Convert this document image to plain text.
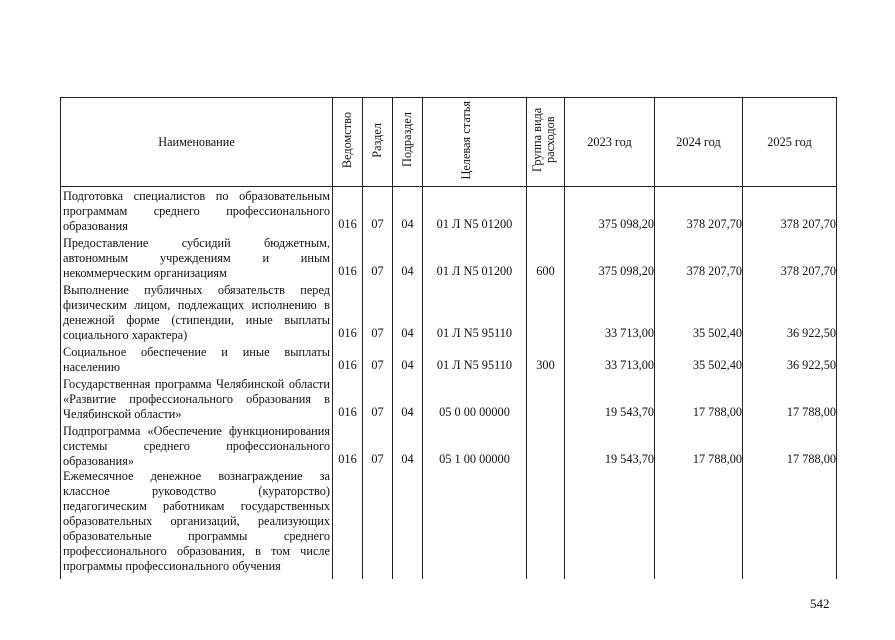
Наименование	Ведомство	Раздел	Подраздел	Целевая статья	Группа вида расходов	2023 год	2024 год	2025 год
Подготовка специалистов по образовательным программам среднего профессионального образования	016	07	04	01 Л N5 01200		375 098,20	378 207,70	378 207,70
Предоставление субсидий бюджетным, автономным учреждениям и иным некоммерческим организациям	016	07	04	01 Л N5 01200	600	375 098,20	378 207,70	378 207,70
Выполнение публичных обязательств перед физическим лицом, подлежащих исполнению в денежной форме (стипендии, иные выплаты социального характера)	016	07	04	01 Л N5 95110		33 713,00	35 502,40	36 922,50
Социальное обеспечение и иные выплаты населению	016	07	04	01 Л N5 95110	300	33 713,00	35 502,40	36 922,50
Государственная программа Челябинской области «Развитие профессионального образования в Челябинской области»	016	07	04	05 0 00 00000		19 543,70	17 788,00	17 788,00
Подпрограмма «Обеспечение функционирования системы среднего профессионального образования»	016	07	04	05 1 00 00000		19 543,70	17 788,00	17 788,00
Ежемесячное денежное вознаграждение за классное руководство (кураторство) педагогическим работникам государственных образовательных организаций, реализующих образовательные программы среднего профессионального образования, в том числе программы профессионального обучения								
542
